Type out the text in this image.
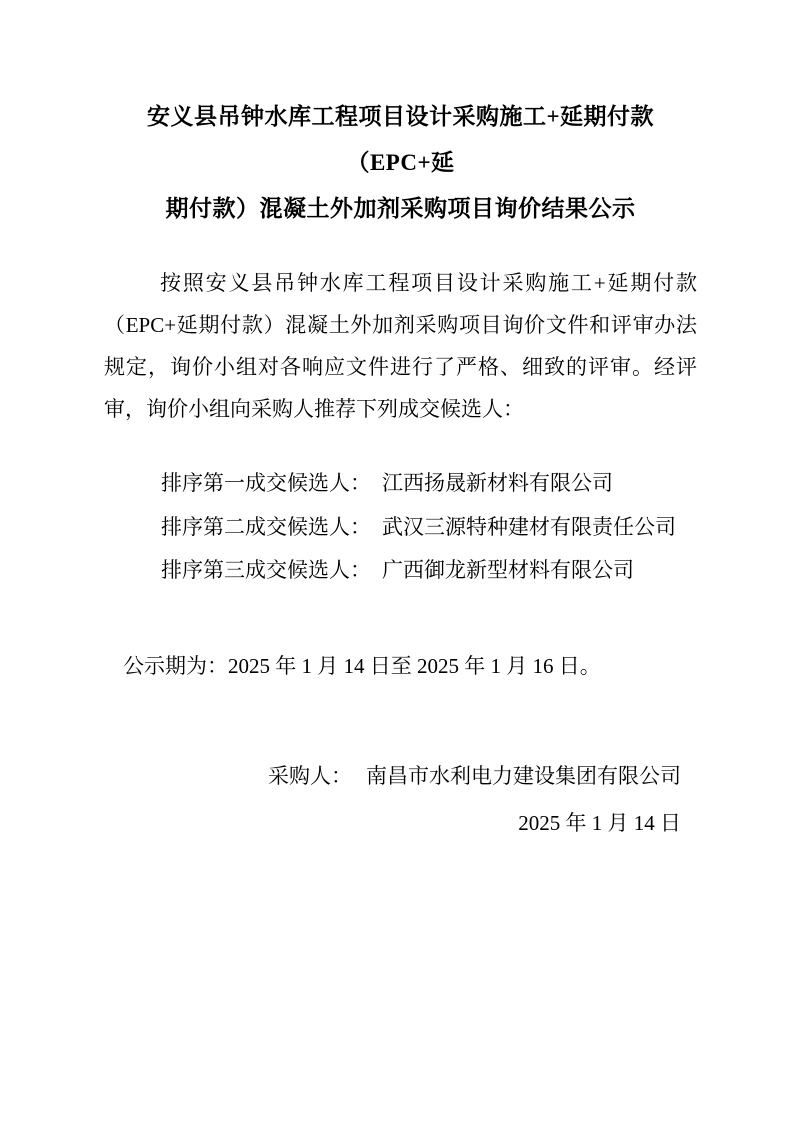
安义县吊钟水库工程项目设计采购施工+延期付款（EPC+延
期付款）混凝土外加剂采购项目询价结果公示

按照安义县吊钟水库工程项目设计采购施工+延期付款（EPC+延期付款）混凝土外加剂采购项目询价文件和评审办法规定，询价小组对各响应文件进行了严格、细致的评审。经评审，询价小组向采购人推荐下列成交候选人：

排序第一成交候选人： 江西扬晟新材料有限公司
排序第二成交候选人： 武汉三源特种建材有限责任公司
排序第三成交候选人： 广西御龙新型材料有限公司

公示期为：2025 年 1 月 14 日至 2025 年 1 月 16 日。

采购人： 南昌市水利电力建设集团有限公司

2025 年 1 月 14 日
